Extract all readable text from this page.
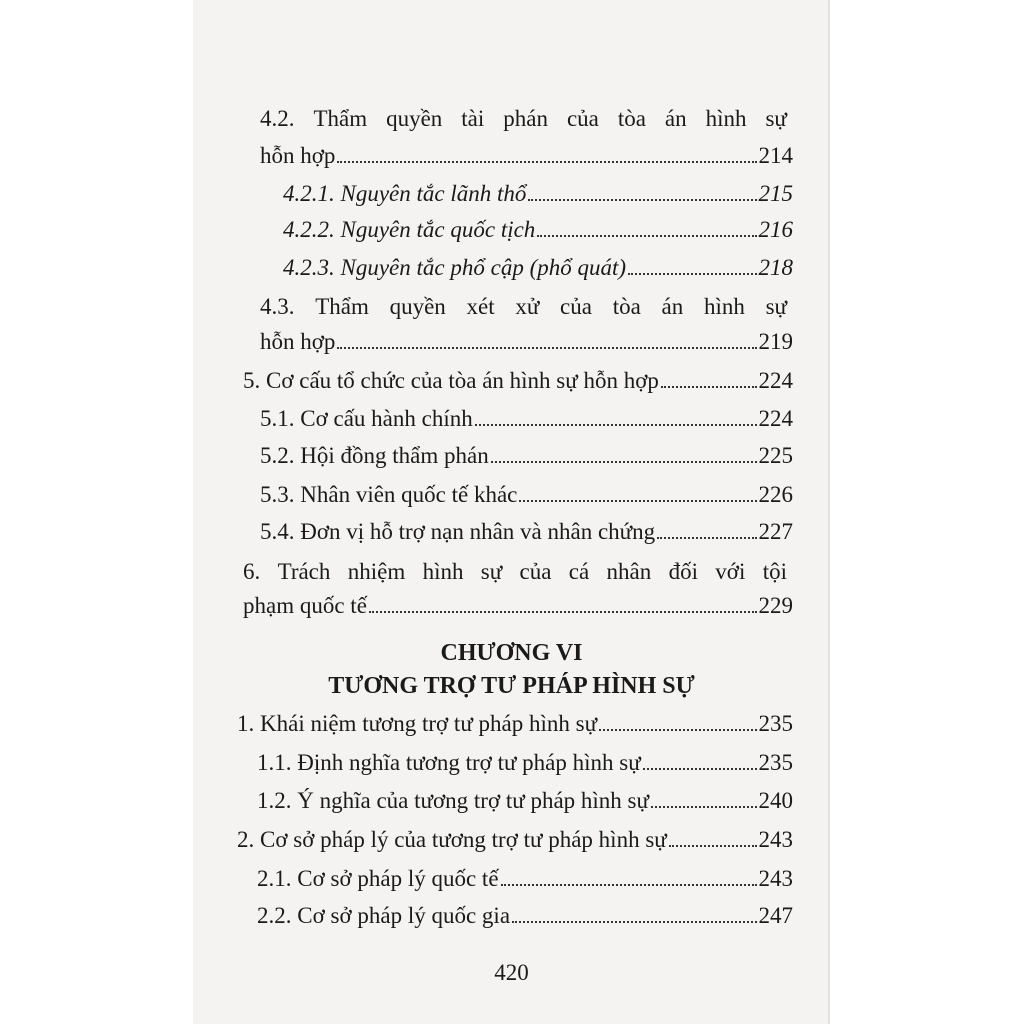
4.2. Thẩm quyền tài phán của tòa án hình sự
hỗn hợp	214
4.2.1. Nguyên tắc lãnh thổ	215
4.2.2. Nguyên tắc quốc tịch	216
4.2.3. Nguyên tắc phổ cập (phổ quát)	218
4.3. Thẩm quyền xét xử của tòa án hình sự
hỗn hợp	219
5. Cơ cấu tổ chức của tòa án hình sự hỗn hợp	224
5.1. Cơ cấu hành chính	224
5.2. Hội đồng thẩm phán	225
5.3. Nhân viên quốc tế khác	226
5.4. Đơn vị hỗ trợ nạn nhân và nhân chứng	227
6. Trách nhiệm hình sự của cá nhân đối với tội
phạm quốc tế	229
CHƯƠNG VI
TƯƠNG TRỢ TƯ PHÁP HÌNH SỰ
1. Khái niệm tương trợ tư pháp hình sự	235
1.1. Định nghĩa tương trợ tư pháp hình sự	235
1.2. Ý nghĩa của tương trợ tư pháp hình sự	240
2. Cơ sở pháp lý của tương trợ tư pháp hình sự	243
2.1. Cơ sở pháp lý quốc tế	243
2.2. Cơ sở pháp lý quốc gia	247
420
